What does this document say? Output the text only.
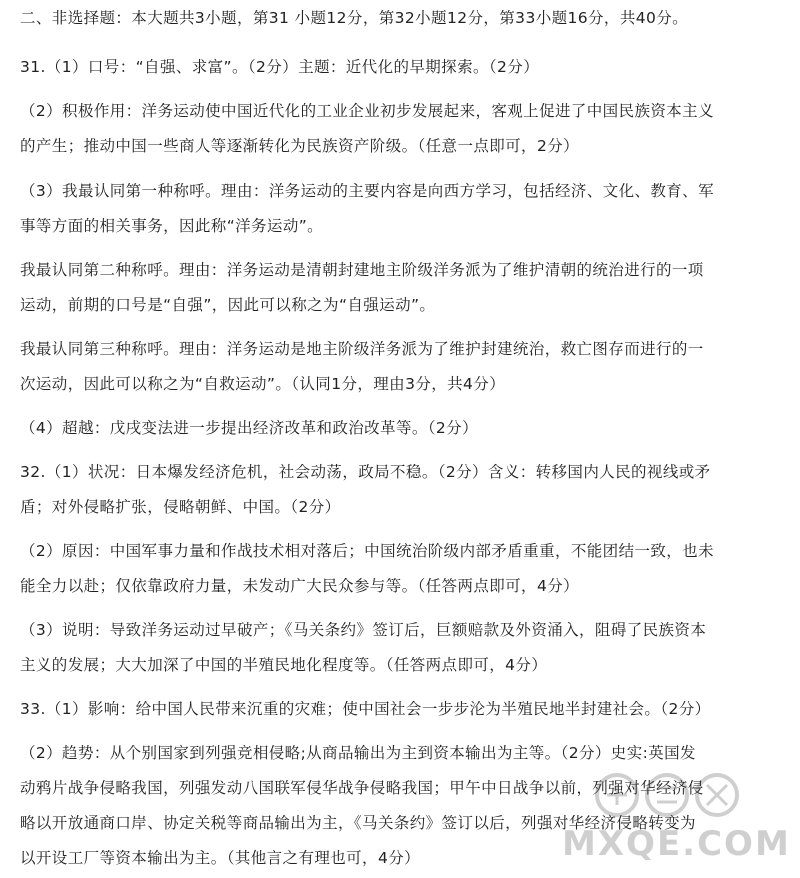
二、非选择题：本大题共3小题，第31 小题12分，第32小题12分，第33小题16分，共40分。
31.（1）口号：“自强、求富”。（2分）主题：近代化的早期探索。（2分）
（2）积极作用：洋务运动使中国近代化的工业企业初步发展起来，客观上促进了中国民族资本主义
的产生；推动中国一些商人等逐渐转化为民族资产阶级。（任意一点即可，2分）
（3）我最认同第一种称呼。理由：洋务运动的主要内容是向西方学习，包括经济、文化、教育、军
事等方面的相关事务，因此称“洋务运动”。
我最认同第二种称呼。理由：洋务运动是清朝封建地主阶级洋务派为了维护清朝的统治进行的一项
运动，前期的口号是“自强”，因此可以称之为“自强运动”。
我最认同第三种称呼。理由：洋务运动是地主阶级洋务派为了维护封建统治，救亡图存而进行的一
次运动，因此可以称之为“自救运动”。（认同1分，理由3分，共4分）
（4）超越：戊戌变法进一步提出经济改革和政治改革等。（2分）
32.（1）状况：日本爆发经济危机，社会动荡，政局不稳。（2分）含义：转移国内人民的视线或矛
盾；对外侵略扩张，侵略朝鲜、中国。（2分）
（2）原因：中国军事力量和作战技术相对落后；中国统治阶级内部矛盾重重，不能团结一致，也未
能全力以赴；仅依靠政府力量，未发动广大民众参与等。（任答两点即可，4分）
（3）说明：导致洋务运动过早破产；《马关条约》签订后，巨额赔款及外资涌入，阻碍了民族资本
主义的发展；大大加深了中国的半殖民地化程度等。（任答两点即可，4分）
33.（1）影响：给中国人民带来沉重的灾难；使中国社会一步步沦为半殖民地半封建社会。（2分）
（2）趋势：从个别国家到列强竞相侵略;从商品输出为主到资本输出为主等。（2分）史实:英国发
动鸦片战争侵略我国，列强发动八国联军侵华战争侵略我国；甲午中日战争以前，列强对华经济侵
略以开放通商口岸、协定关税等商品输出为主，《马关条约》签订以后，列强对华经济侵略转变为
以开设工厂等资本输出为主。（其他言之有理也可，4分）	MXQE.COM
